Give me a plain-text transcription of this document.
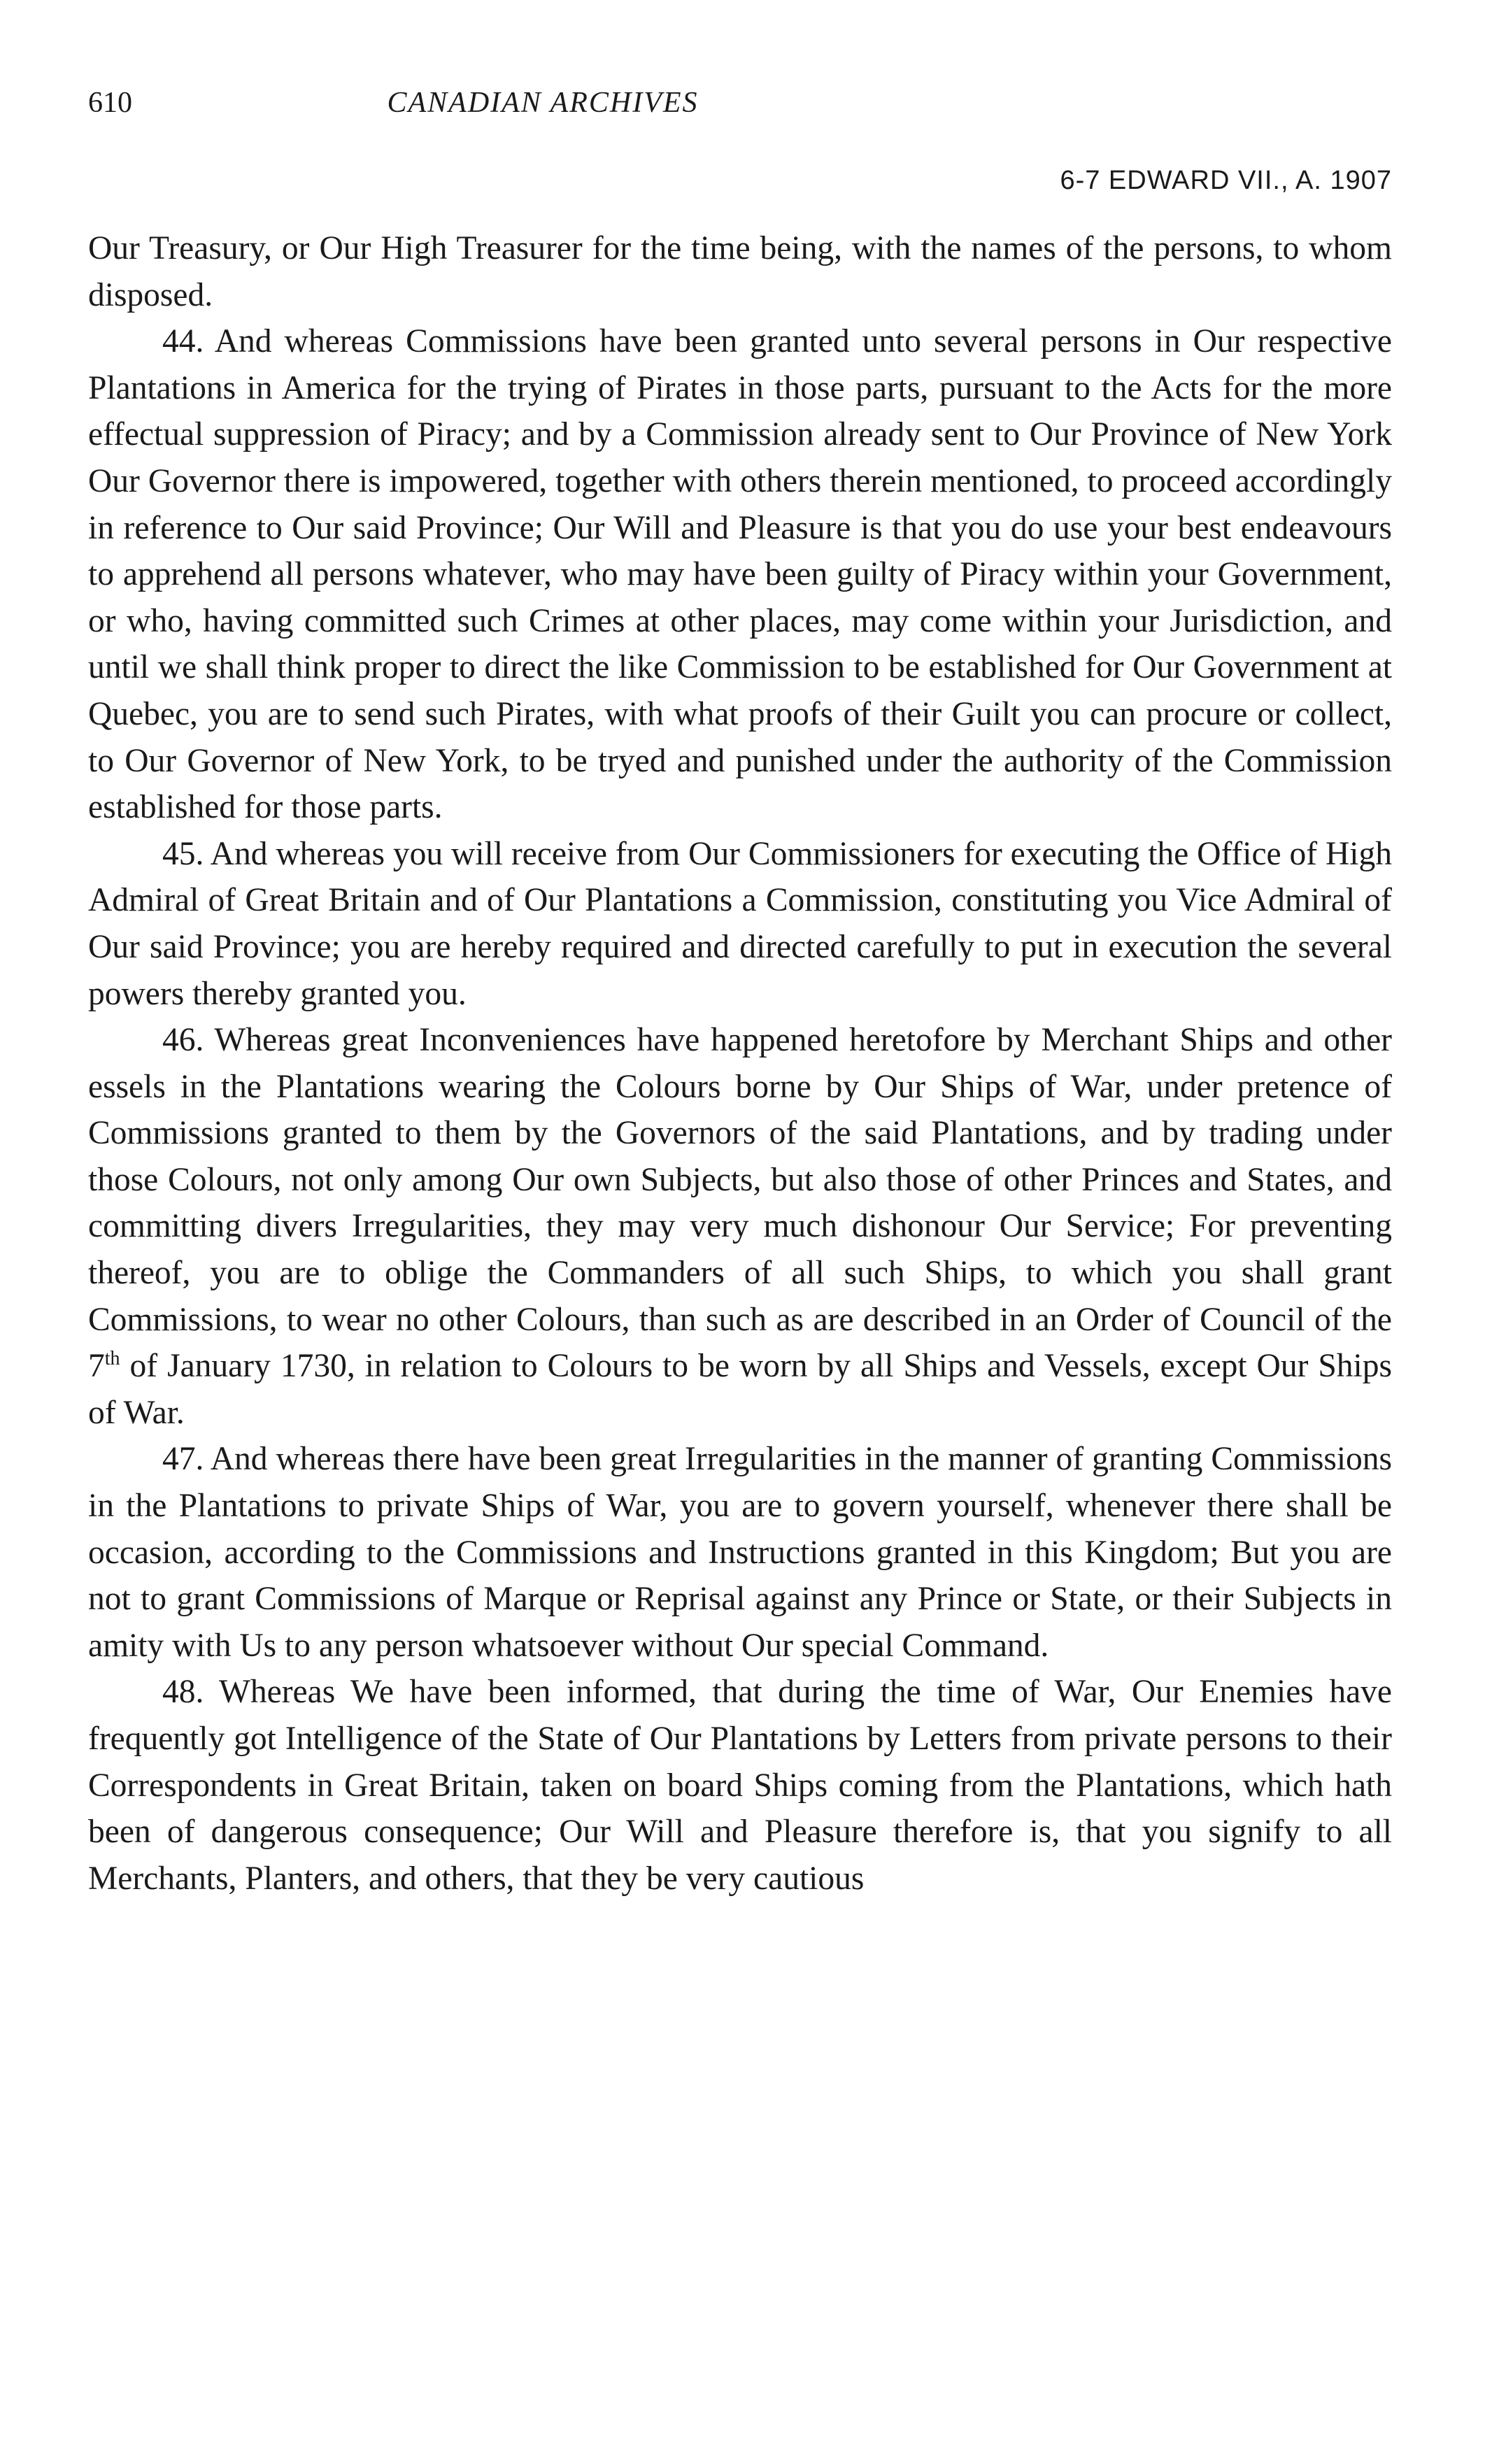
610	CANADIAN ARCHIVES
6-7 EDWARD VII., A. 1907

Our Treasury, or Our High Treasurer for the time being, with the names of the persons, to whom disposed.

44. And whereas Commissions have been granted unto several persons in Our respective Plantations in America for the trying of Pirates in those parts, pursuant to the Acts for the more effectual suppression of Piracy; and by a Commission already sent to Our Province of New York Our Governor there is impowered, together with others therein mentioned, to proceed accordingly in reference to Our said Province; Our Will and Pleasure is that you do use your best endeavours to apprehend all persons whatever, who may have been guilty of Piracy within your Government, or who, having committed such Crimes at other places, may come within your Jurisdiction, and until we shall think proper to direct the like Commission to be established for Our Government at Quebec, you are to send such Pirates, with what proofs of their Guilt you can procure or collect, to Our Governor of New York, to be tryed and punished under the authority of the Commission established for those parts.

45. And whereas you will receive from Our Commissioners for executing the Office of High Admiral of Great Britain and of Our Plantations a Commission, constituting you Vice Admiral of Our said Province; you are hereby required and directed carefully to put in execution the several powers thereby granted you.

46. Whereas great Inconveniences have happened heretofore by Merchant Ships and other essels in the Plantations wearing the Colours borne by Our Ships of War, under pretence of Commissions granted to them by the Governors of the said Plantations, and by trading under those Colours, not only among Our own Subjects, but also those of other Princes and States, and committing divers Irregularities, they may very much dishonour Our Service; For preventing thereof, you are to oblige the Commanders of all such Ships, to which you shall grant Commissions, to wear no other Colours, than such as are described in an Order of Council of the 7th of January 1730, in relation to Colours to be worn by all Ships and Vessels, except Our Ships of War.

47. And whereas there have been great Irregularities in the manner of granting Commissions in the Plantations to private Ships of War, you are to govern yourself, whenever there shall be occasion, according to the Commissions and Instructions granted in this Kingdom; But you are not to grant Commissions of Marque or Reprisal against any Prince or State, or their Subjects in amity with Us to any person whatsoever without Our special Command.

48. Whereas We have been informed, that during the time of War, Our Enemies have frequently got Intelligence of the State of Our Plantations by Letters from private persons to their Correspondents in Great Britain, taken on board Ships coming from the Plantations, which hath been of dangerous consequence; Our Will and Pleasure therefore is, that you signify to all Merchants, Planters, and others, that they be very cautious
